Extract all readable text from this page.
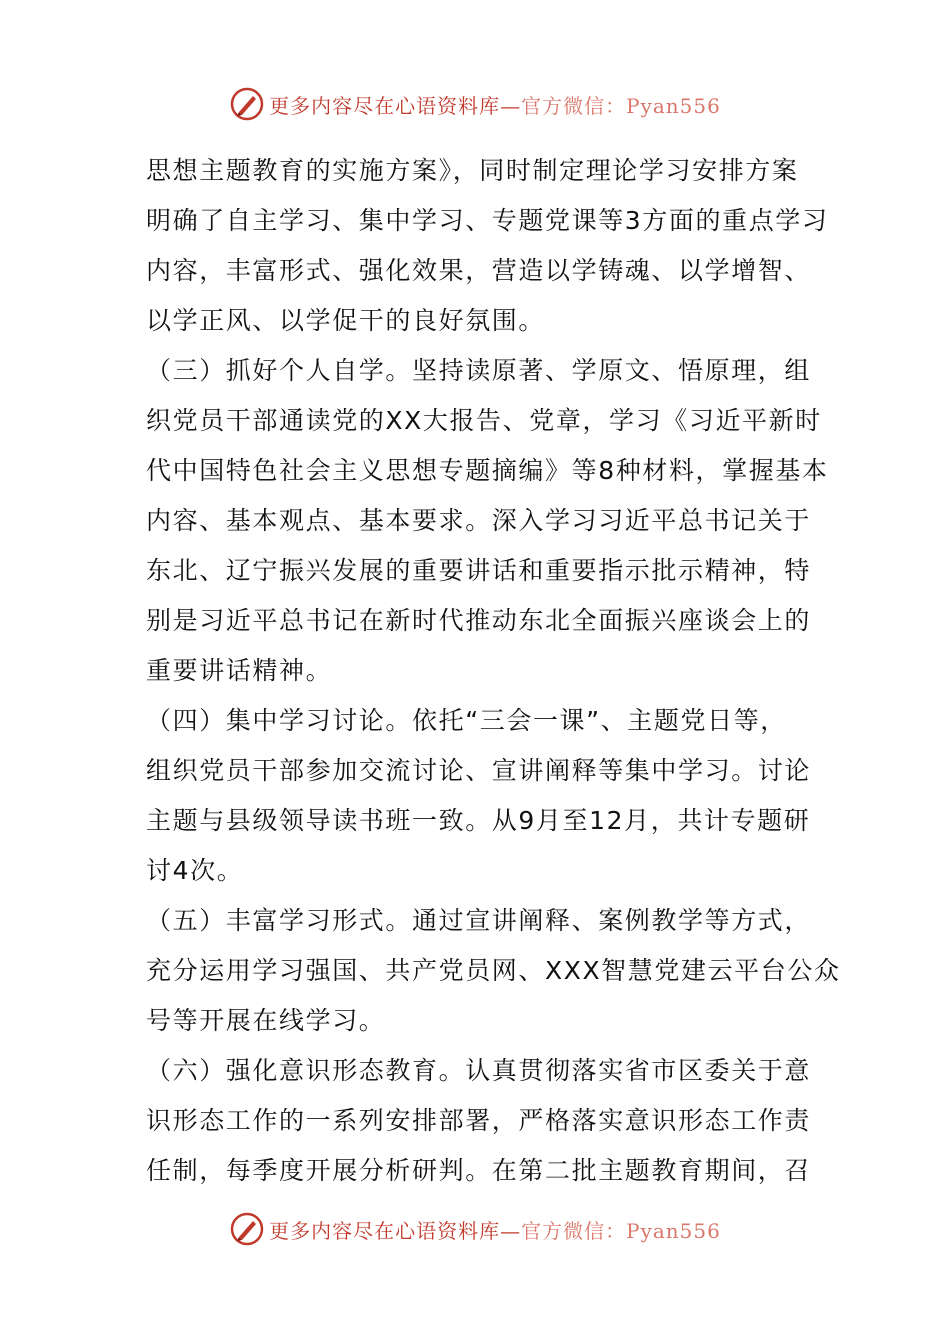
更多内容尽在心语资料库—官方微信：Pyan556
思想主题教育的实施方案》，同时制定理论学习安排方案
明确了自主学习、集中学习、专题党课等3方面的重点学习
内容，丰富形式、强化效果，营造以学铸魂、以学增智、
以学正风、以学促干的良好氛围。
（三）抓好个人自学。坚持读原著、学原文、悟原理，组
织党员干部通读党的XX大报告、党章，学习《习近平新时
代中国特色社会主义思想专题摘编》等8种材料，掌握基本
内容、基本观点、基本要求。深入学习习近平总书记关于
东北、辽宁振兴发展的重要讲话和重要指示批示精神，特
别是习近平总书记在新时代推动东北全面振兴座谈会上的
重要讲话精神。
（四）集中学习讨论。依托“三会一课”、主题党日等，
组织党员干部参加交流讨论、宣讲阐释等集中学习。讨论
主题与县级领导读书班一致。从9月至12月，共计专题研
讨4次。
（五）丰富学习形式。通过宣讲阐释、案例教学等方式，
充分运用学习强国、共产党员网、XXX智慧党建云平台公众
号等开展在线学习。
（六）强化意识形态教育。认真贯彻落实省市区委关于意
识形态工作的一系列安排部署，严格落实意识形态工作责
任制，每季度开展分析研判。在第二批主题教育期间，召
更多内容尽在心语资料库—官方微信：Pyan556
